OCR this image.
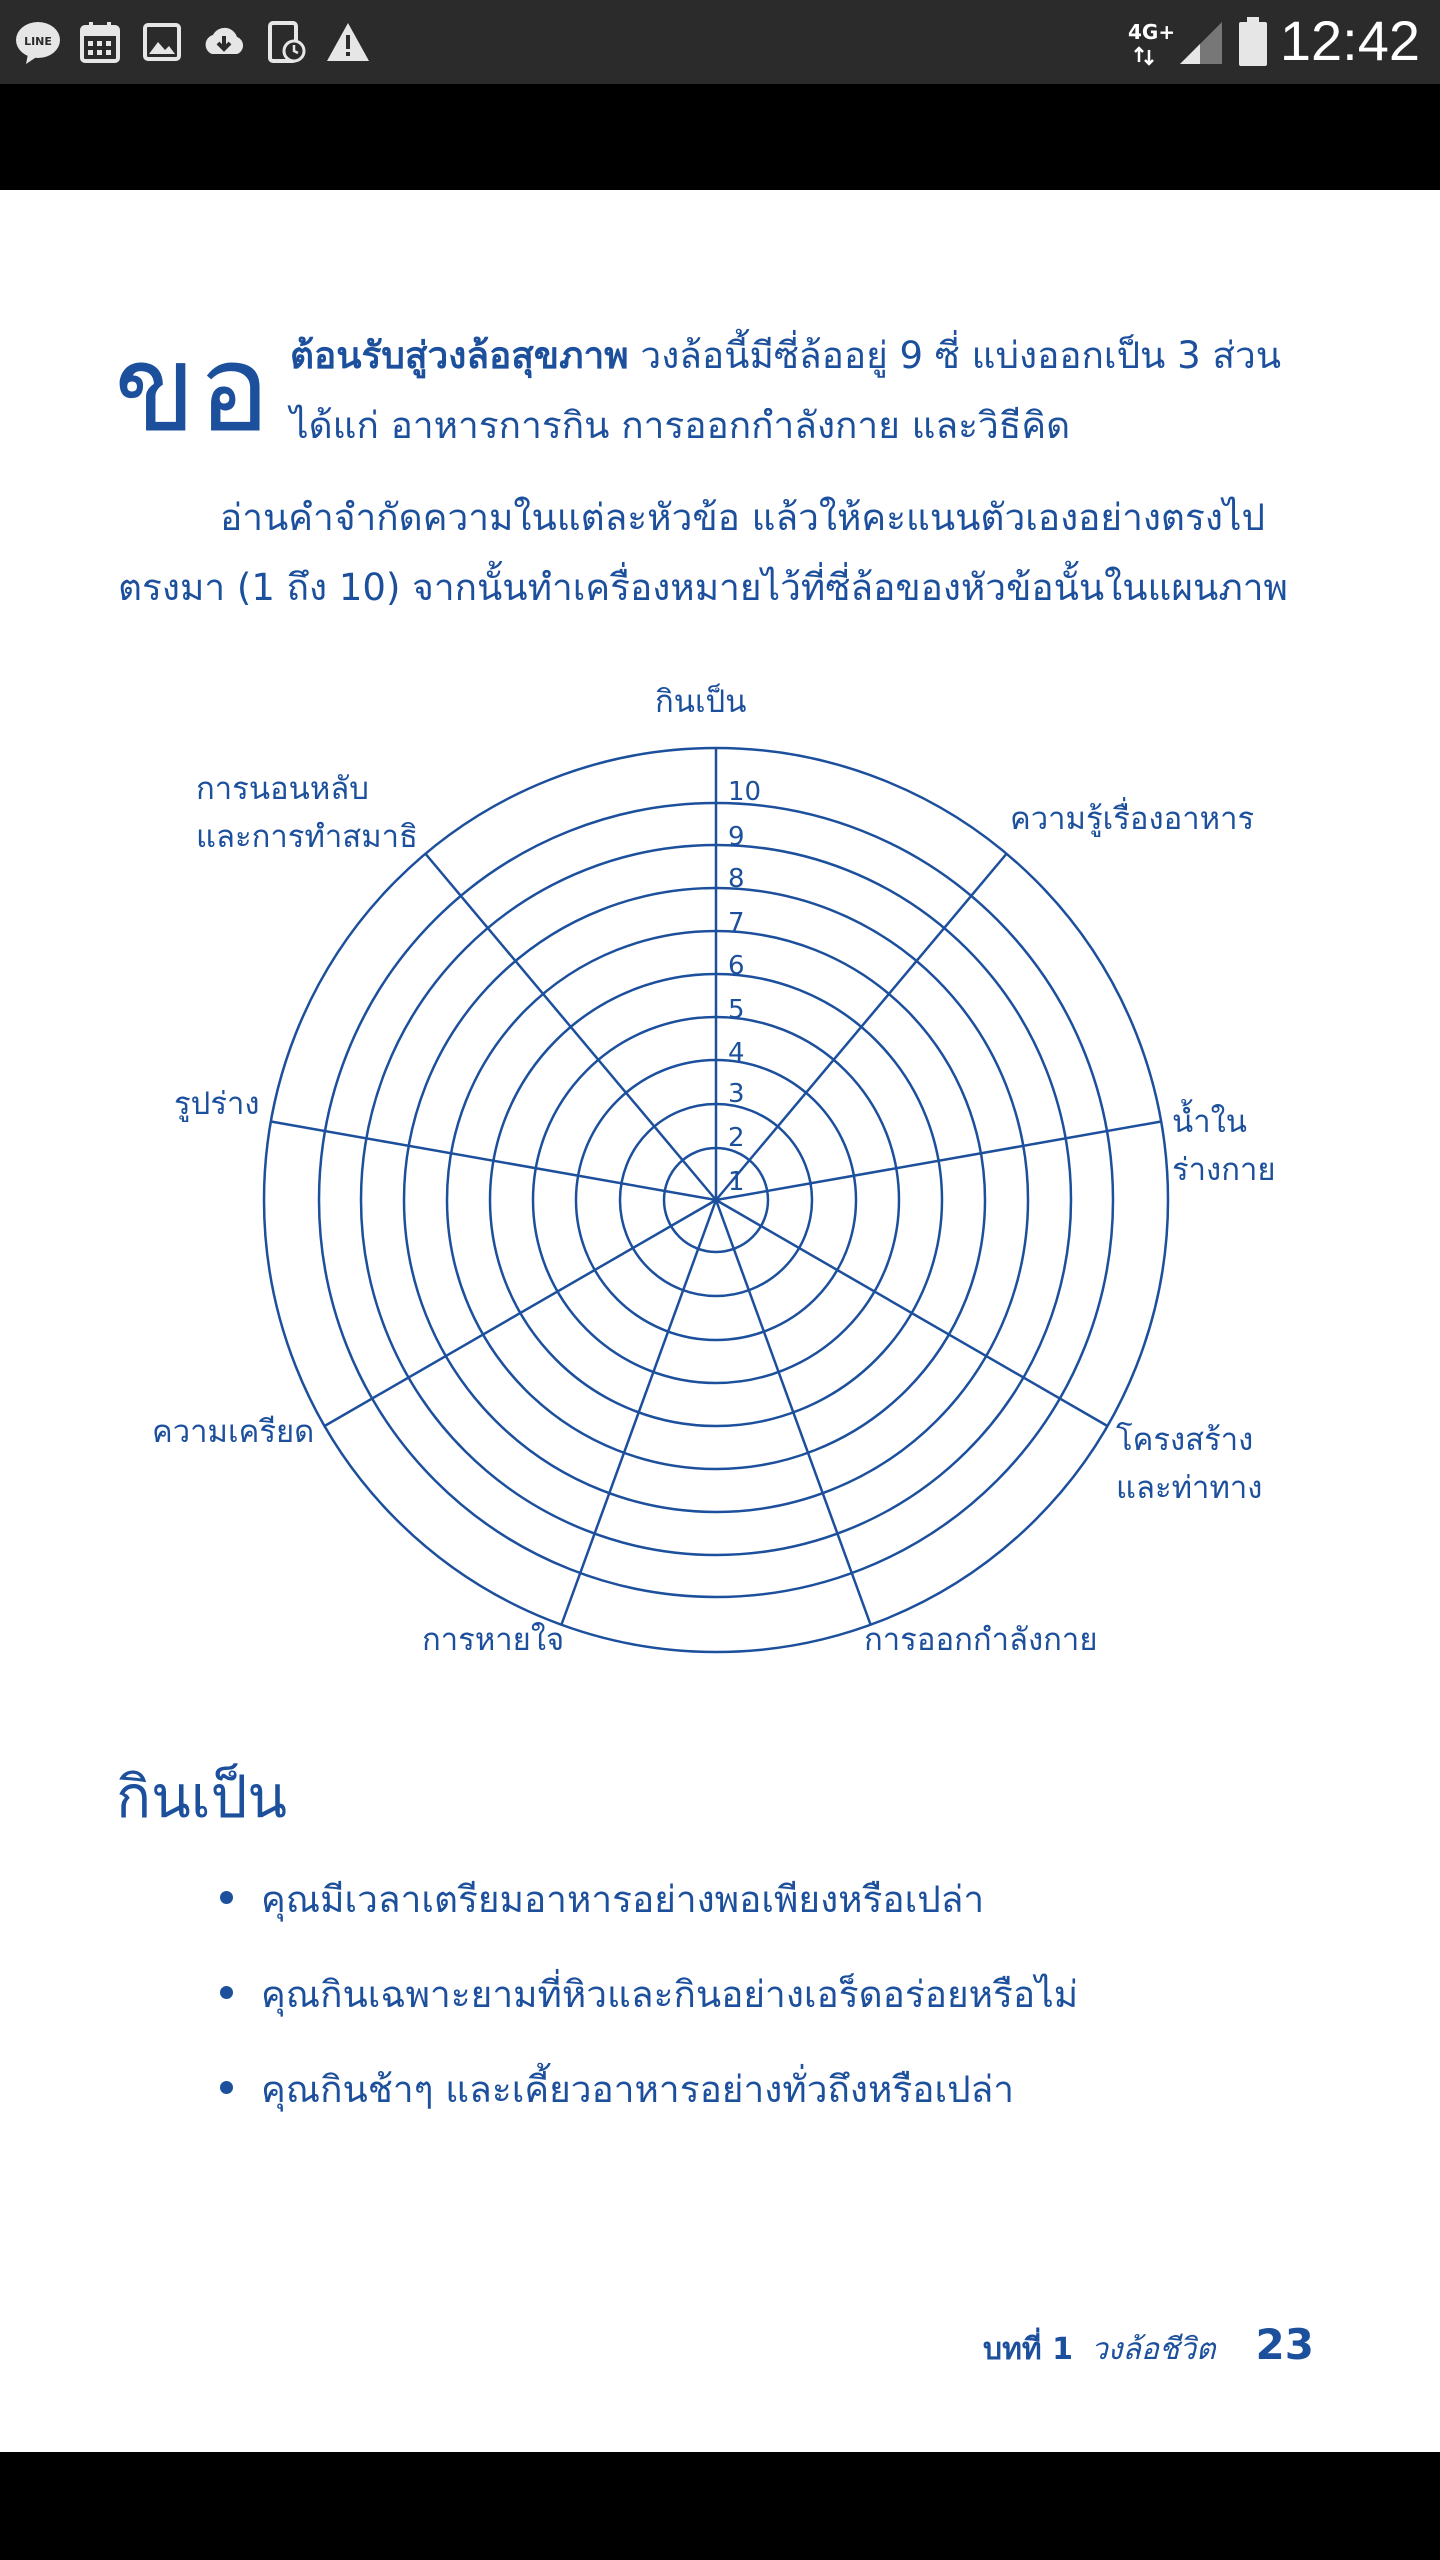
LINE	4G+ 12:42
ขอ ต้อนรับสู่วงล้อสุขภาพ วงล้อนี้มีซี่ล้ออยู่ 9 ซี่ แบ่งออกเป็น 3 ส่วน
ได้แก่ อาหารการกิน การออกกำลังกาย และวิธีคิด
อ่านคำจำกัดความในแต่ละหัวข้อ แล้วให้คะแนนตัวเองอย่างตรงไป
ตรงมา (1 ถึง 10) จากนั้นทำเครื่องหมายไว้ที่ซี่ล้อของหัวข้อนั้นในแผนภาพ
1
2
3
4
5
6
7
8
9
10
กินเป็น
ความรู้เรื่องอาหาร
น้ำใน
ร่างกาย
โครงสร้าง
และท่าทาง
การออกกำลังกาย
การหายใจ
ความเครียด
รูปร่าง
การนอนหลับ
และการทำสมาธิ
กินเป็น
คุณมีเวลาเตรียมอาหารอย่างพอเพียงหรือเปล่า
คุณกินเฉพาะยามที่หิวและกินอย่างเอร็ดอร่อยหรือไม่
คุณกินช้าๆ และเคี้ยวอาหารอย่างทั่วถึงหรือเปล่า
บทที่ 1 วงล้อชีวิต 23
